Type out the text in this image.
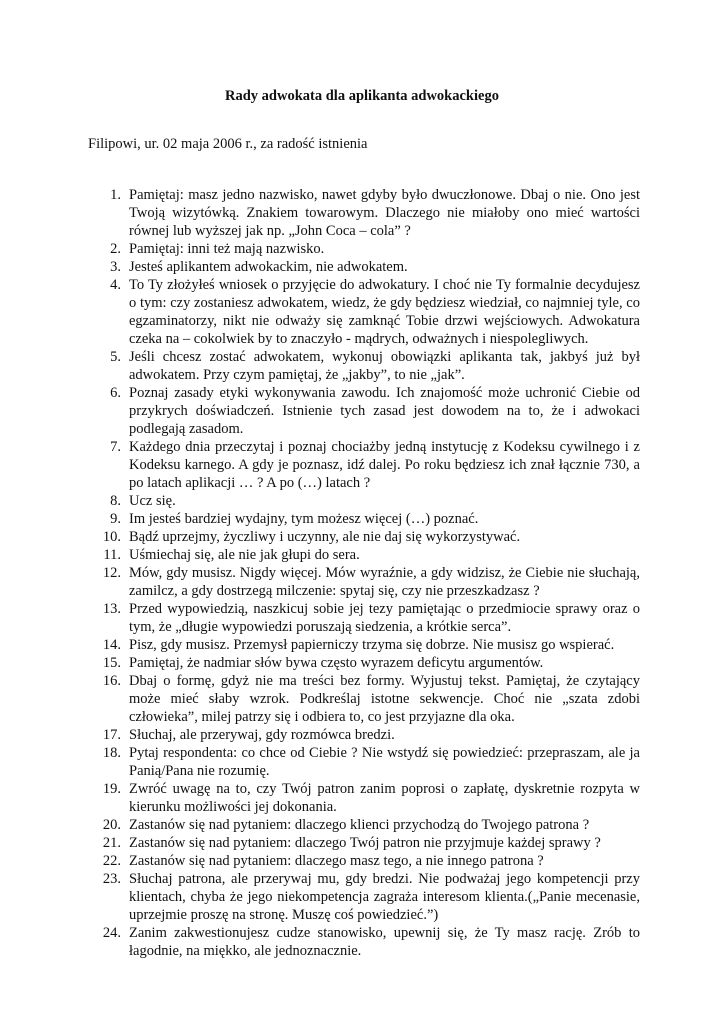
Rady adwokata dla aplikanta adwokackiego

Filipowi, ur. 02 maja 2006 r., za radość istnienia

1. Pamiętaj: masz jedno nazwisko, nawet gdyby było dwuczłonowe. Dbaj o nie. Ono jest Twoją wizytówką. Znakiem towarowym. Dlaczego nie miałoby ono mieć wartości równej lub wyższej jak np. „John Coca – cola” ?
2. Pamiętaj: inni też mają nazwisko.
3. Jesteś aplikantem adwokackim, nie adwokatem.
4. To Ty złożyłeś wniosek o przyjęcie do adwokatury. I choć nie Ty formalnie decydujesz o tym: czy zostaniesz adwokatem, wiedz, że gdy będziesz wiedział, co najmniej tyle, co egzaminatorzy, nikt nie odważy się zamknąć Tobie drzwi wejściowych. Adwokatura czeka na – cokolwiek by to znaczyło - mądrych, odważnych i niespolegliwych.
5. Jeśli chcesz zostać adwokatem, wykonuj obowiązki aplikanta tak, jakbyś już był adwokatem. Przy czym pamiętaj, że „jakby”, to nie „jak”.
6. Poznaj zasady etyki wykonywania zawodu. Ich znajomość może uchronić Ciebie od przykrych doświadczeń. Istnienie tych zasad jest dowodem na to, że i adwokaci podlegają zasadom.
7. Każdego dnia przeczytaj i poznaj chociażby jedną instytucję z Kodeksu cywilnego i z Kodeksu karnego. A gdy je poznasz, idź dalej. Po roku będziesz ich znał łącznie 730, a po latach aplikacji … ? A po (…) latach ?
8. Ucz się.
9. Im jesteś bardziej wydajny, tym możesz więcej (…) poznać.
10. Bądź uprzejmy, życzliwy i uczynny, ale nie daj się wykorzystywać.
11. Uśmiechaj się, ale nie jak głupi do sera.
12. Mów, gdy musisz. Nigdy więcej. Mów wyraźnie, a gdy widzisz, że Ciebie nie słuchają, zamilcz, a gdy dostrzegą milczenie: spytaj się, czy nie przeszkadzasz ?
13. Przed wypowiedzią, naszkicuj sobie jej tezy pamiętając o przedmiocie sprawy oraz o tym, że „długie wypowiedzi poruszają siedzenia, a krótkie serca”.
14. Pisz, gdy musisz. Przemysł papierniczy trzyma się dobrze. Nie musisz go wspierać.
15. Pamiętaj, że nadmiar słów bywa często wyrazem deficytu argumentów.
16. Dbaj o formę, gdyż nie ma treści bez formy. Wyjustuj tekst. Pamiętaj, że czytający może mieć słaby wzrok. Podkreślaj istotne sekwencje. Choć nie „szata zdobi człowieka”, milej patrzy się i odbiera to, co jest przyjazne dla oka.
17. Słuchaj, ale przerywaj, gdy rozmówca bredzi.
18. Pytaj respondenta: co chce od Ciebie ? Nie wstydź się powiedzieć: przepraszam, ale ja Panią/Pana nie rozumię.
19. Zwróć uwagę na to, czy Twój patron zanim poprosi o zapłatę, dyskretnie rozpyta w kierunku możliwości jej dokonania.
20. Zastanów się nad pytaniem: dlaczego klienci przychodzą do Twojego patrona ?
21. Zastanów się nad pytaniem: dlaczego Twój patron nie przyjmuje każdej sprawy ?
22. Zastanów się nad pytaniem: dlaczego masz tego, a nie innego patrona ?
23. Słuchaj patrona, ale przerywaj mu, gdy bredzi. Nie podważaj jego kompetencji przy klientach, chyba że jego niekompetencja zagraża interesom klienta.(„Panie mecenasie, uprzejmie proszę na stronę. Muszę coś powiedzieć.”)
24. Zanim zakwestionujesz cudze stanowisko, upewnij się, że Ty masz rację. Zrób to łagodnie, na miękko, ale jednoznacznie.
